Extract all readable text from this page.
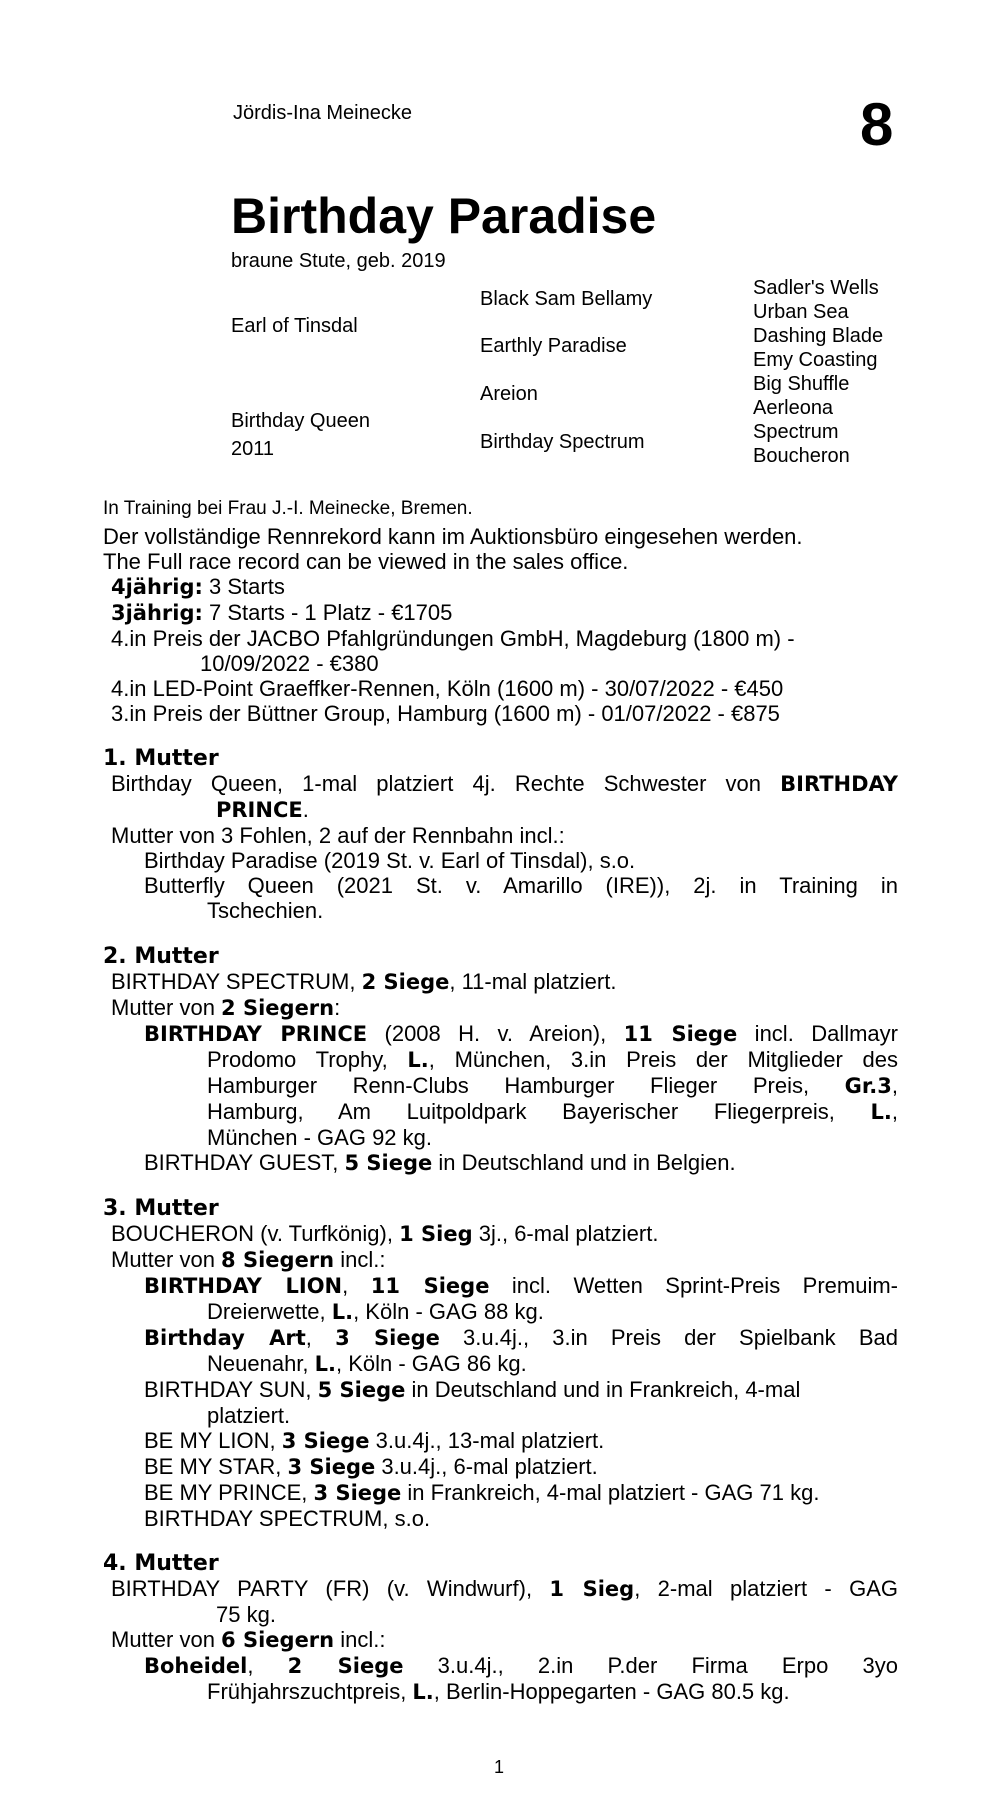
Jördis-Ina Meinecke	8
Birthday Paradise
braune Stute, geb. 2019
Earl of Tinsdal
Birthday Queen
2011
Black Sam Bellamy
Earthly Paradise
Areion
Birthday Spectrum
Sadler's Wells
Urban Sea
Dashing Blade
Emy Coasting
Big Shuffle
Aerleona
Spectrum
Boucheron
In Training bei Frau J.-I. Meinecke, Bremen.
Der vollständige Rennrekord kann im Auktionsbüro eingesehen werden.
The Full race record can be viewed in the sales office.
4jährig: 3 Starts
3jährig: 7 Starts - 1 Platz - €1705
4.in Preis der JACBO Pfahlgründungen GmbH, Magdeburg (1800 m) -
10/09/2022 - €380
4.in LED-Point Graeffker-Rennen, Köln (1600 m) - 30/07/2022 - €450
3.in Preis der Büttner Group, Hamburg (1600 m) - 01/07/2022 - €875
1. Mutter
Birthday Queen, 1-mal platziert 4j. Rechte Schwester von BIRTHDAY
PRINCE.
Mutter von 3 Fohlen, 2 auf der Rennbahn incl.:
Birthday Paradise (2019 St. v. Earl of Tinsdal), s.o.
Butterfly Queen (2021 St. v. Amarillo (IRE)), 2j. in Training in
Tschechien.
2. Mutter
BIRTHDAY SPECTRUM, 2 Siege, 11-mal platziert.
Mutter von 2 Siegern:
BIRTHDAY PRINCE (2008 H. v. Areion), 11 Siege incl. Dallmayr
Prodomo Trophy, L., München, 3.in Preis der Mitglieder des
Hamburger Renn-Clubs Hamburger Flieger Preis, Gr.3,
Hamburg, Am Luitpoldpark Bayerischer Fliegerpreis, L.,
München - GAG 92 kg.
BIRTHDAY GUEST, 5 Siege in Deutschland und in Belgien.
3. Mutter
BOUCHERON (v. Turfkönig), 1 Sieg 3j., 6-mal platziert.
Mutter von 8 Siegern incl.:
BIRTHDAY LION, 11 Siege incl. Wetten Sprint-Preis Premuim-
Dreierwette, L., Köln - GAG 88 kg.
Birthday Art, 3 Siege 3.u.4j., 3.in Preis der Spielbank Bad
Neuenahr, L., Köln - GAG 86 kg.
BIRTHDAY SUN, 5 Siege in Deutschland und in Frankreich, 4-mal
platziert.
BE MY LION, 3 Siege 3.u.4j., 13-mal platziert.
BE MY STAR, 3 Siege 3.u.4j., 6-mal platziert.
BE MY PRINCE, 3 Siege in Frankreich, 4-mal platziert - GAG 71 kg.
BIRTHDAY SPECTRUM, s.o.
4. Mutter
BIRTHDAY PARTY (FR) (v. Windwurf), 1 Sieg, 2-mal platziert - GAG
75 kg.
Mutter von 6 Siegern incl.:
Boheidel, 2 Siege 3.u.4j., 2.in P.der Firma Erpo 3yo
Frühjahrszuchtpreis, L., Berlin-Hoppegarten - GAG 80.5 kg.
1
